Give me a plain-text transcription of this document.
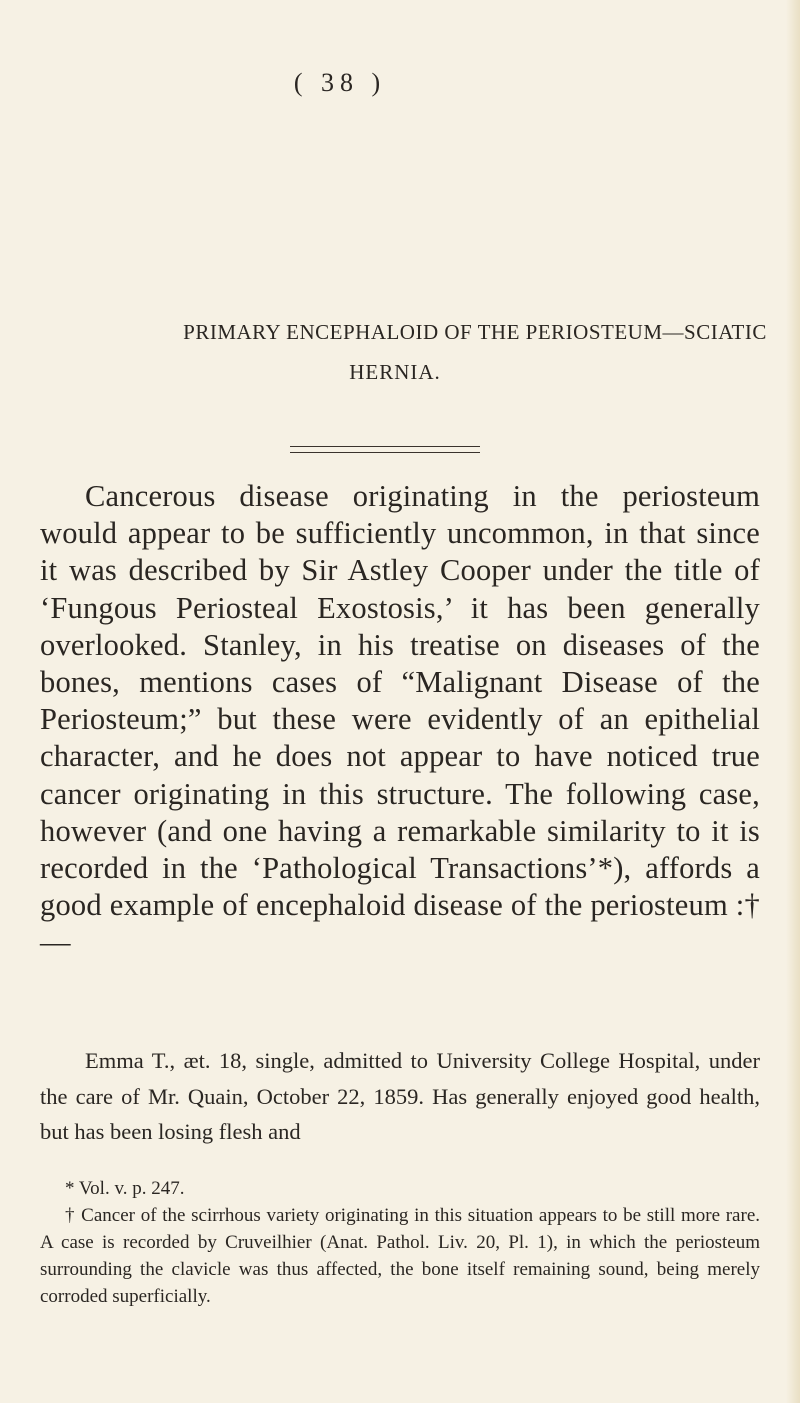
( 38 )
PRIMARY ENCEPHALOID OF THE PERIOSTEUM—SCIATIC
HERNIA.

Cancerous disease originating in the periosteum would appear to be sufficiently uncommon, in that since it was described by Sir Astley Cooper under the title of ‘Fungous Periosteal Exostosis,’ it has been generally overlooked. Stanley, in his treatise on diseases of the bones, mentions cases of “Malignant Disease of the Periosteum;” but these were evidently of an epithelial character, and he does not appear to have noticed true cancer originating in this structure. The following case, however (and one having a remarkable similarity to it is recorded in the ‘Pathological Transactions’*), affords a good example of encephaloid disease of the periosteum :†—

Emma T., æt. 18, single, admitted to University College Hospital, under the care of Mr. Quain, October 22, 1859. Has generally enjoyed good health, but has been losing flesh and

* Vol. v. p. 247.

† Cancer of the scirrhous variety originating in this situation appears to be still more rare. A case is recorded by Cruveilhier (Anat. Pathol. Liv. 20, Pl. 1), in which the periosteum surrounding the clavicle was thus affected, the bone itself remaining sound, being merely corroded superficially.
